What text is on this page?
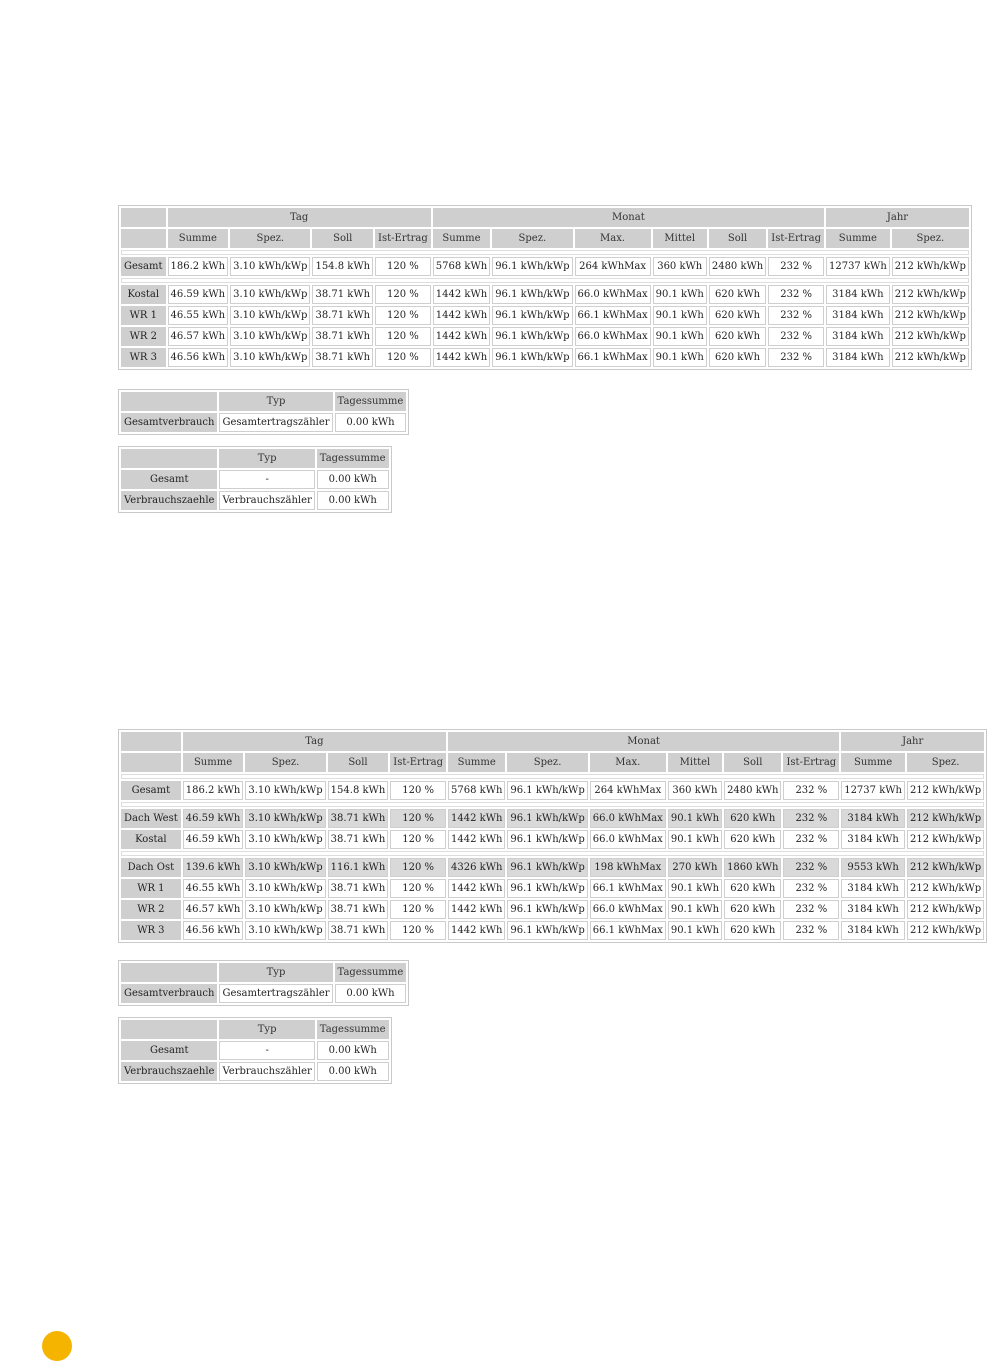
	Tag				Monat						Jahr	
	Summe	Spez.	Soll	Ist-Ertrag	Summe	Spez.	Max.	Mittel	Soll	Ist-Ertrag	Summe	Spez.

Gesamt	186.2 kWh	3.10 kWh/kWp	154.8 kWh	120 %	5768 kWh	96.1 kWh/kWp	264 kWhMax	360 kWh	2480 kWh	232 %	12737 kWh	212 kWh/kWp

Kostal	46.59 kWh	3.10 kWh/kWp	38.71 kWh	120 %	1442 kWh	96.1 kWh/kWp	66.0 kWhMax	90.1 kWh	620 kWh	232 %	3184 kWh	212 kWh/kWp
WR 1	46.55 kWh	3.10 kWh/kWp	38.71 kWh	120 %	1442 kWh	96.1 kWh/kWp	66.1 kWhMax	90.1 kWh	620 kWh	232 %	3184 kWh	212 kWh/kWp
WR 2	46.57 kWh	3.10 kWh/kWp	38.71 kWh	120 %	1442 kWh	96.1 kWh/kWp	66.0 kWhMax	90.1 kWh	620 kWh	232 %	3184 kWh	212 kWh/kWp
WR 3	46.56 kWh	3.10 kWh/kWp	38.71 kWh	120 %	1442 kWh	96.1 kWh/kWp	66.1 kWhMax	90.1 kWh	620 kWh	232 %	3184 kWh	212 kWh/kWp
	Typ	Tagessumme
Gesamtverbrauch	Gesamtertragszähler	0.00 kWh
	Typ	Tagessumme
Gesamt	-	0.00 kWh
Verbrauchszaehle	Verbrauchszähler	0.00 kWh
	Tag				Monat						Jahr	
	Summe	Spez.	Soll	Ist-Ertrag	Summe	Spez.	Max.	Mittel	Soll	Ist-Ertrag	Summe	Spez.

Gesamt	186.2 kWh	3.10 kWh/kWp	154.8 kWh	120 %	5768 kWh	96.1 kWh/kWp	264 kWhMax	360 kWh	2480 kWh	232 %	12737 kWh	212 kWh/kWp

Dach West	46.59 kWh	3.10 kWh/kWp	38.71 kWh	120 %	1442 kWh	96.1 kWh/kWp	66.0 kWhMax	90.1 kWh	620 kWh	232 %	3184 kWh	212 kWh/kWp
Kostal	46.59 kWh	3.10 kWh/kWp	38.71 kWh	120 %	1442 kWh	96.1 kWh/kWp	66.0 kWhMax	90.1 kWh	620 kWh	232 %	3184 kWh	212 kWh/kWp

Dach Ost	139.6 kWh	3.10 kWh/kWp	116.1 kWh	120 %	4326 kWh	96.1 kWh/kWp	198 kWhMax	270 kWh	1860 kWh	232 %	9553 kWh	212 kWh/kWp
WR 1	46.55 kWh	3.10 kWh/kWp	38.71 kWh	120 %	1442 kWh	96.1 kWh/kWp	66.1 kWhMax	90.1 kWh	620 kWh	232 %	3184 kWh	212 kWh/kWp
WR 2	46.57 kWh	3.10 kWh/kWp	38.71 kWh	120 %	1442 kWh	96.1 kWh/kWp	66.0 kWhMax	90.1 kWh	620 kWh	232 %	3184 kWh	212 kWh/kWp
WR 3	46.56 kWh	3.10 kWh/kWp	38.71 kWh	120 %	1442 kWh	96.1 kWh/kWp	66.1 kWhMax	90.1 kWh	620 kWh	232 %	3184 kWh	212 kWh/kWp
	Typ	Tagessumme
Gesamtverbrauch	Gesamtertragszähler	0.00 kWh
	Typ	Tagessumme
Gesamt	-	0.00 kWh
Verbrauchszaehle	Verbrauchszähler	0.00 kWh
